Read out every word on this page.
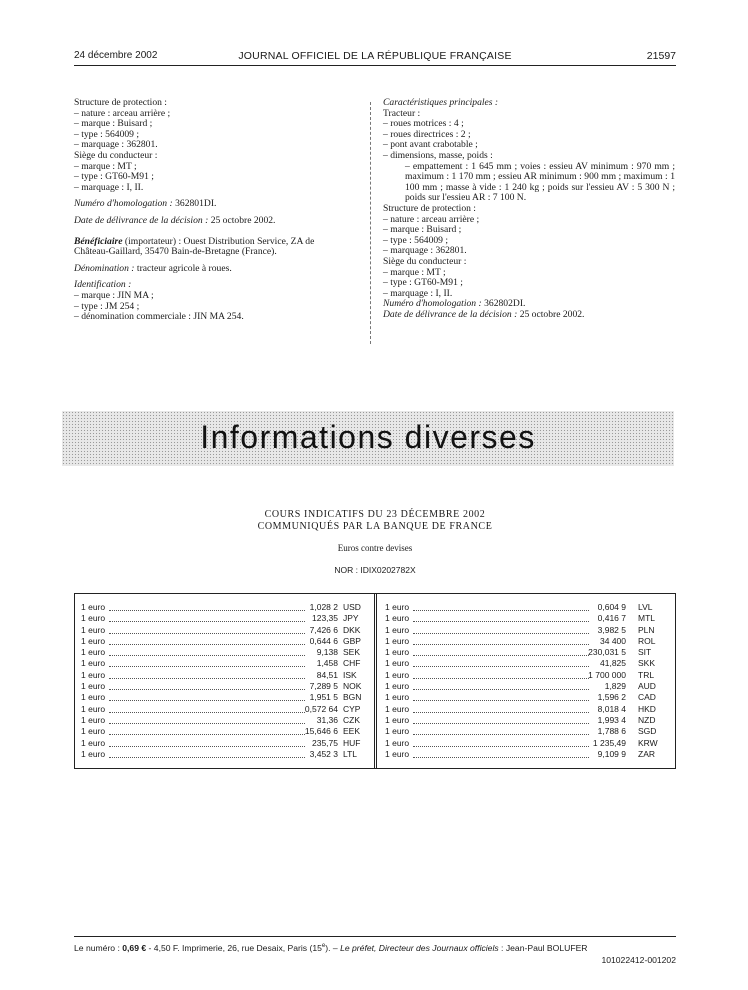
24 décembre 2002	JOURNAL OFFICIEL DE LA RÉPUBLIQUE FRANÇAISE	21597

Structure de protection :

– nature : arceau arrière ;

– marque : Buisard ;

– type : 564009 ;

– marquage : 362801.

Siège du conducteur :

– marque : MT ;

– type : GT60-M91 ;

– marquage : I, II.

Numéro d'homologation : 362801DI.

Date de délivrance de la décision : 25 octobre 2002.

Bénéficiaire (importateur) : Ouest Distribution Service, ZA de

Château-Gaillard, 35470 Bain-de-Bretagne (France).

Dénomination : tracteur agricole à roues.

Identification :

– marque : JIN MA ;

– type : JM 254 ;

– dénomination commerciale : JIN MA 254.

Caractéristiques principales :

Tracteur :

– roues motrices : 4 ;

– roues directrices : 2 ;

– pont avant crabotable ;

– dimensions, masse, poids :

– empattement : 1 645 mm ; voies : essieu AV minimum : 970 mm ; maximum : 1 170 mm ; essieu AR minimum : 900 mm ; maximum : 1 100 mm ; masse à vide : 1 240 kg ; poids sur l'essieu AV : 5 300 N ; poids sur l'essieu AR : 7 100 N.

Structure de protection :

– nature : arceau arrière ;

– marque : Buisard ;

– type : 564009 ;

– marquage : 362801.

Siège du conducteur :

– marque : MT ;

– type : GT60-M91 ;

– marquage : I, II.

Numéro d'homologation : 362802DI.

Date de délivrance de la décision : 25 octobre 2002.

Informations diverses
COURS INDICATIFS DU 23 DÉCEMBRE 2002
COMMUNIQUÉS PAR LA BANQUE DE FRANCE
Euros contre devises
NOR : IDIX0202782X
1 euro	1,028 2 USD
1 euro	123,35 JPY
1 euro	7,426 6 DKK
1 euro	0,644 6 GBP
1 euro	9,138 SEK
1 euro	1,458 CHF
1 euro	84,51 ISK
1 euro	7,289 5 NOK
1 euro	1,951 5 BGN
1 euro	0,572 64 CYP
1 euro	31,36 CZK
1 euro	15,646 6 EEK
1 euro	235,75 HUF
1 euro	3,452 3 LTL
1 euro	0,604 9 LVL
1 euro	0,416 7 MTL
1 euro	3,982 5 PLN
1 euro	34 400 ROL
1 euro	230,031 5 SIT
1 euro	41,825 SKK
1 euro	1 700 000 TRL
1 euro	1,829 AUD
1 euro	1,596 2 CAD
1 euro	8,018 4 HKD
1 euro	1,993 4 NZD
1 euro	1,788 6 SGD
1 euro	1 235,49 KRW
1 euro	9,109 9 ZAR
Le numéro : 0,69 € - 4,50 F. Imprimerie, 26, rue Desaix, Paris (15e). – Le préfet, Directeur des Journaux officiels : Jean-Paul BOLUFER
101022412-001202
